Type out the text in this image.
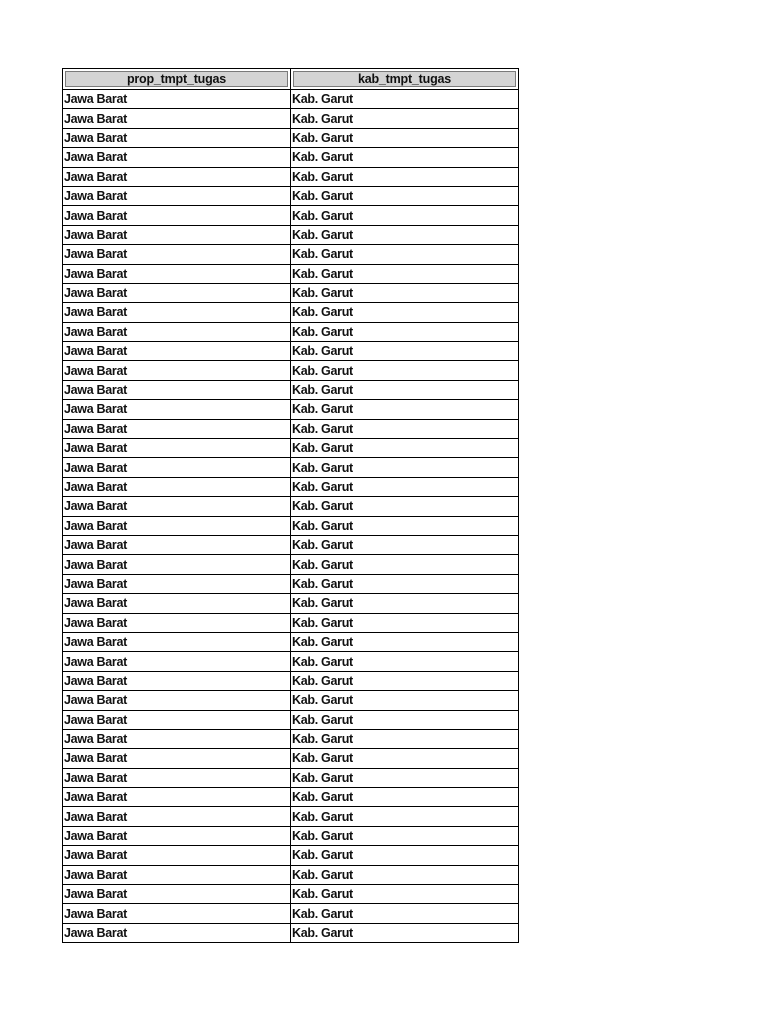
prop_tmpt_tugas	kab_tmpt_tugas
Jawa Barat	Kab. Garut
Jawa Barat	Kab. Garut
Jawa Barat	Kab. Garut
Jawa Barat	Kab. Garut
Jawa Barat	Kab. Garut
Jawa Barat	Kab. Garut
Jawa Barat	Kab. Garut
Jawa Barat	Kab. Garut
Jawa Barat	Kab. Garut
Jawa Barat	Kab. Garut
Jawa Barat	Kab. Garut
Jawa Barat	Kab. Garut
Jawa Barat	Kab. Garut
Jawa Barat	Kab. Garut
Jawa Barat	Kab. Garut
Jawa Barat	Kab. Garut
Jawa Barat	Kab. Garut
Jawa Barat	Kab. Garut
Jawa Barat	Kab. Garut
Jawa Barat	Kab. Garut
Jawa Barat	Kab. Garut
Jawa Barat	Kab. Garut
Jawa Barat	Kab. Garut
Jawa Barat	Kab. Garut
Jawa Barat	Kab. Garut
Jawa Barat	Kab. Garut
Jawa Barat	Kab. Garut
Jawa Barat	Kab. Garut
Jawa Barat	Kab. Garut
Jawa Barat	Kab. Garut
Jawa Barat	Kab. Garut
Jawa Barat	Kab. Garut
Jawa Barat	Kab. Garut
Jawa Barat	Kab. Garut
Jawa Barat	Kab. Garut
Jawa Barat	Kab. Garut
Jawa Barat	Kab. Garut
Jawa Barat	Kab. Garut
Jawa Barat	Kab. Garut
Jawa Barat	Kab. Garut
Jawa Barat	Kab. Garut
Jawa Barat	Kab. Garut
Jawa Barat	Kab. Garut
Jawa Barat	Kab. Garut
